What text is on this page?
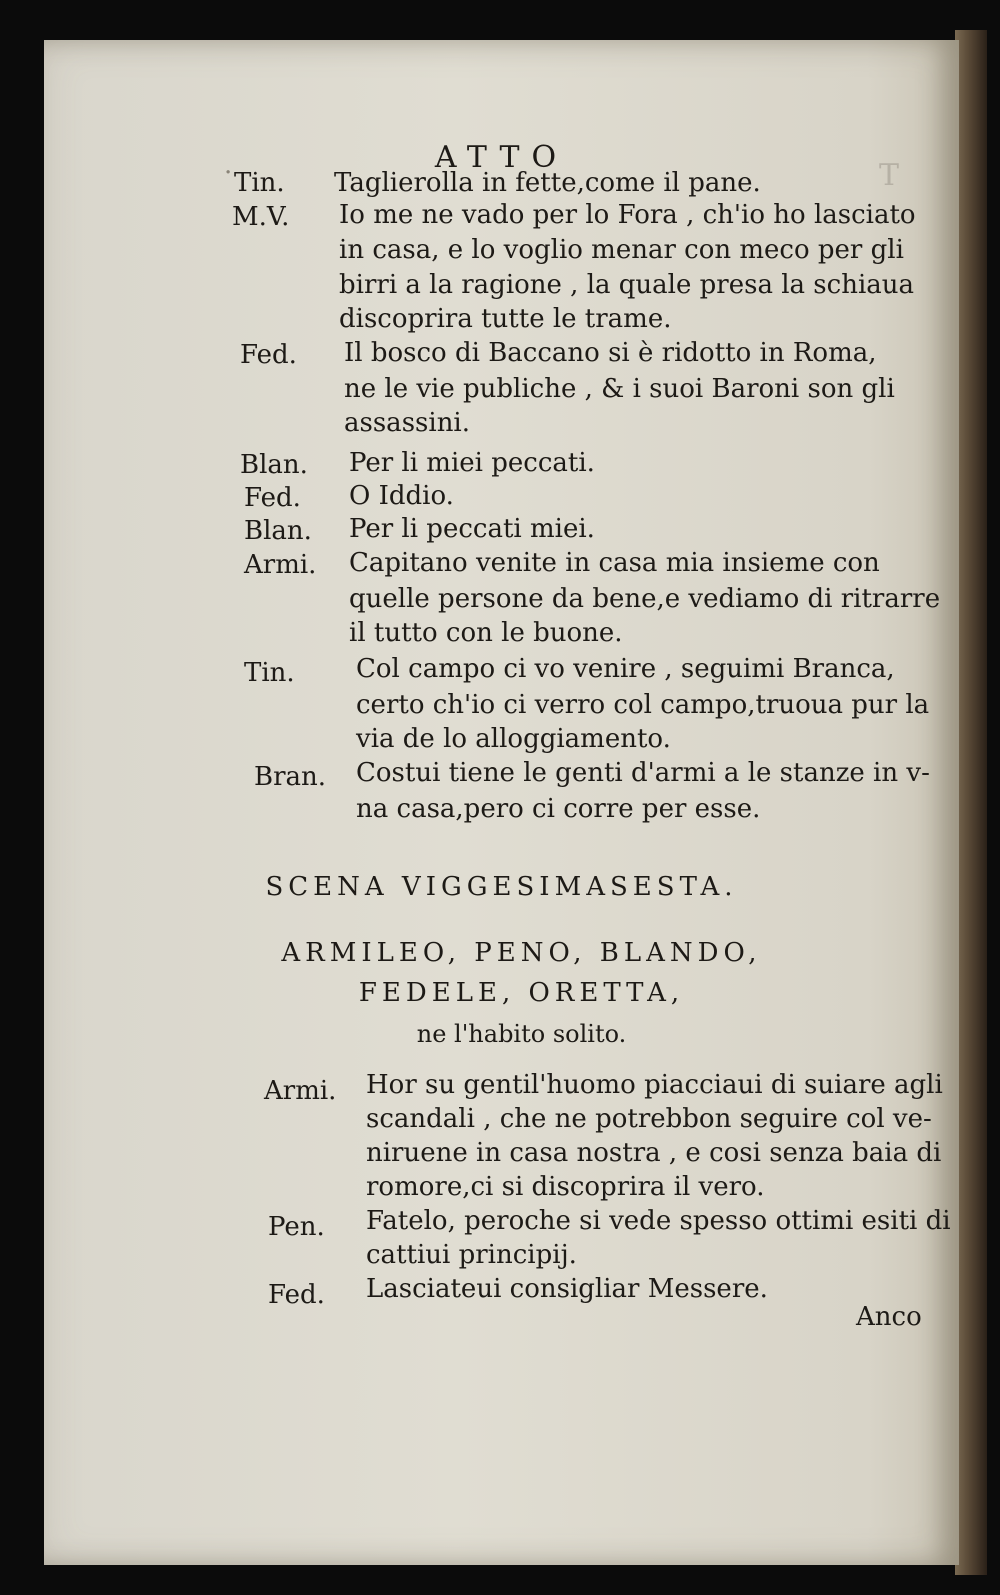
T
·	ATTO
Tin. Taglierolla in fette,come il pane.
M.V. Io me ne vado per lo Fora , ch'io ho lasciato
in casa, e lo voglio menar con meco per gli
birri a la ragione , la quale presa la schiaua
discoprira tutte le trame.
Fed. Il bosco di Baccano si è ridotto in Roma,
ne le vie publiche , & i suoi Baroni son gli
assassini.
Blan. Per li miei peccati.
Fed. O Iddio.
Blan. Per li peccati miei.
Armi. Capitano venite in casa mia insieme con
quelle persone da bene,e vediamo di ritrarre
il tutto con le buone.
Tin. Col campo ci vo venire , seguimi Branca,
certo ch'io ci verro col campo,truoua pur la
via de lo alloggiamento.
Bran. Costui tiene le genti d'armi a le stanze in v-
na casa,pero ci corre per esse.
SCENA VIGGESIMASESTA.
ARMILEO, PENO, BLANDO,
FEDELE, ORETTA,
ne l'habito solito.
Armi. Hor su gentil'huomo piacciaui di suiare agli
scandali , che ne potrebbon seguire col ve-
niruene in casa nostra , e cosi senza baia di
romore,ci si discoprira il vero.
Pen. Fatelo, peroche si vede spesso ottimi esiti di
cattiui principij.
Fed. Lasciateui consigliar Messere.
Anco
